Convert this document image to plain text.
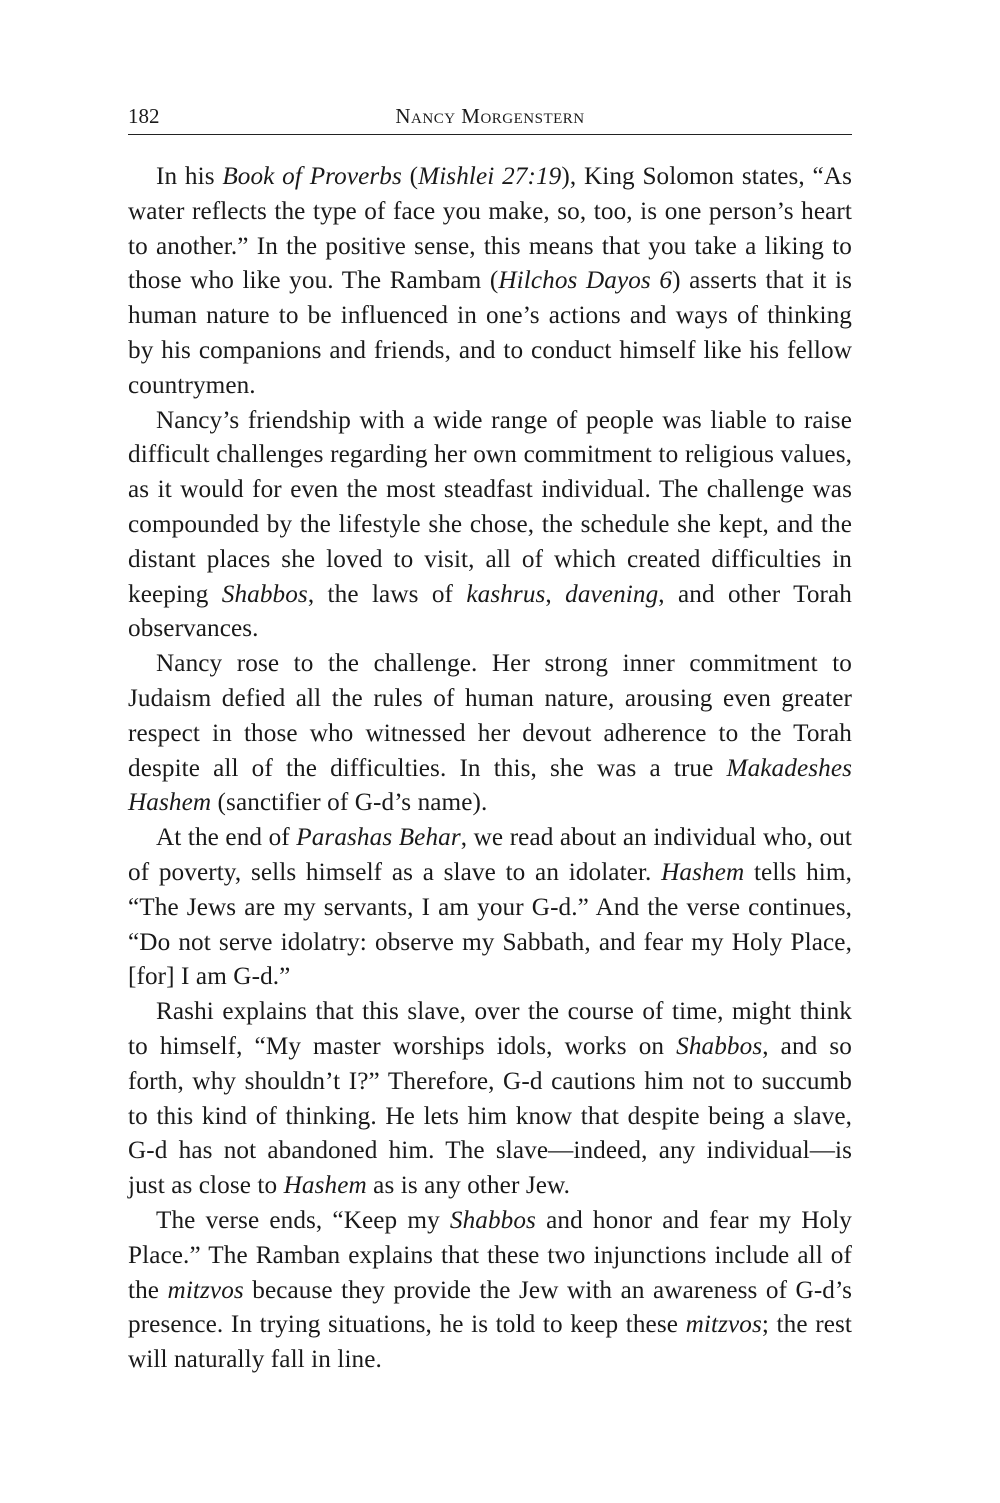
182	Nancy Morgenstern

In his Book of Proverbs (Mishlei 27:19), King Solomon states, “As water reflects the type of face you make, so, too, is one person’s heart to another.” In the positive sense, this means that you take a liking to those who like you. The Rambam (Hilchos Dayos 6) asserts that it is human nature to be influenced in one’s actions and ways of thinking by his companions and friends, and to conduct himself like his fellow countrymen.

Nancy’s friendship with a wide range of people was liable to raise difficult challenges regarding her own commitment to religious values, as it would for even the most steadfast individual. The challenge was compounded by the lifestyle she chose, the schedule she kept, and the distant places she loved to visit, all of which created difficulties in keeping Shabbos, the laws of kashrus, davening, and other Torah observances.

Nancy rose to the challenge. Her strong inner commitment to Judaism defied all the rules of human nature, arousing even greater respect in those who witnessed her devout adherence to the Torah despite all of the difficulties. In this, she was a true Makadeshes Hashem (sanctifier of G-d’s name).

At the end of Parashas Behar, we read about an individual who, out of poverty, sells himself as a slave to an idolater. Hashem tells him, “The Jews are my servants, I am your G-d.” And the verse continues, “Do not serve idolatry: observe my Sabbath, and fear my Holy Place, [for] I am G-d.”

Rashi explains that this slave, over the course of time, might think to himself, “My master worships idols, works on Shabbos, and so forth, why shouldn’t I?” Therefore, G-d cautions him not to succumb to this kind of thinking. He lets him know that despite being a slave, G-d has not abandoned him. The slave—indeed, any individual—is just as close to Hashem as is any other Jew.

The verse ends, “Keep my Shabbos and honor and fear my Holy Place.” The Ramban explains that these two injunctions include all of the mitzvos because they provide the Jew with an awareness of G-d’s presence. In trying situations, he is told to keep these mitzvos; the rest will naturally fall in line.
